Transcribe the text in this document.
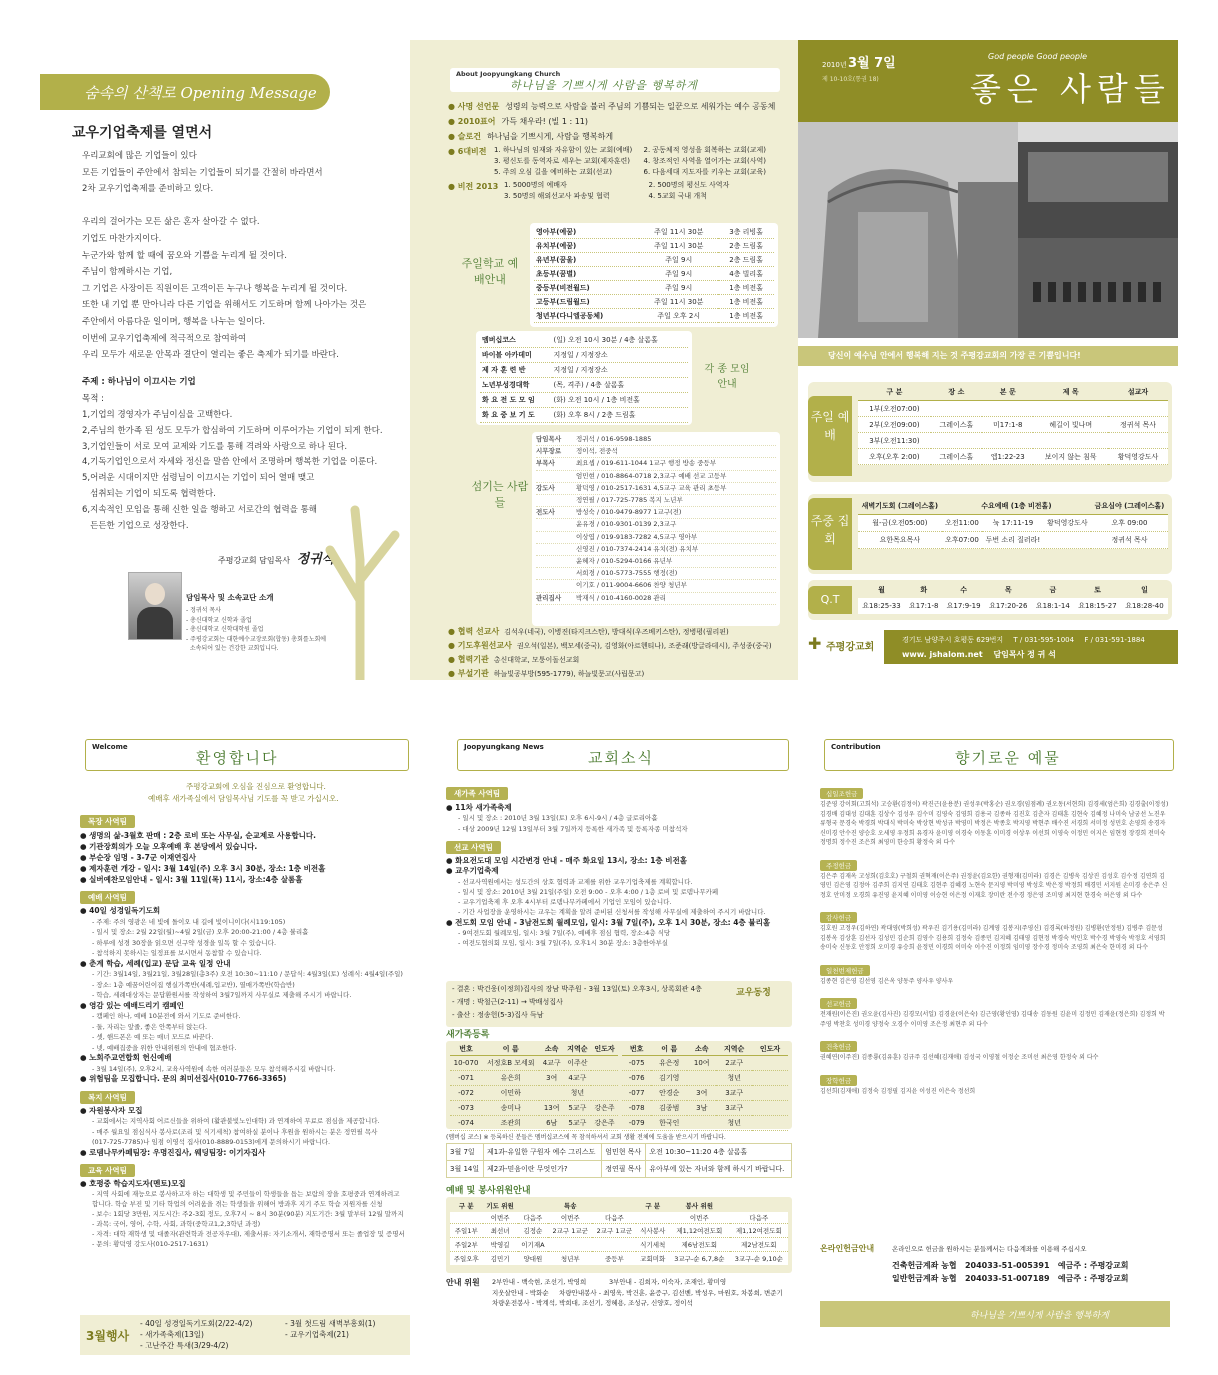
숨속의 산책로 Opening Message
교우기업축제를 열면서
우리교회에 많은 기업들이 있다
모든 기업들이 주안에서 참되는 기업들이 되기를 간절히 바라면서
2차 교우기업축제를 준비하고 있다.

우리의 걸어가는 모든 삶은 혼자 살아갈 수 없다.
기업도 마찬가지이다.
누군가와 함께 할 때에 꿈오와 기쁨을 누리게 될 것이다.
주님이 함께하시는 기업,
그 기업은 사장이든 직원이든 고객이든 누구나 행복을 누리게 될 것이다.
또한 내 기업 뿐 만아니라 다른 기업을 위해서도 기도하며 함께 나아가는 것은
주안에서 아름다운 일이며, 행복을 나누는 일이다.
이번에 교우기업축제에 적극적으로 참여하여
우리 모두가 새로운 안목과 결단이 열리는 좋은 축제가 되기를 바란다.
주제 : 하나님이 이끄시는 기업
목적 :
1,기업의 경영자가 주님이심을 고백한다.
2,주님의 한가족 된 성도 모두가 합심하여 기도하며 이루어가는 기업이 되게 한다.
3,기업인들이 서로 모여 교제와 기도를 통해 격려와 사랑으로 하나 된다.
4,기독기업인으로서 자세와 정신을 말씀 안에서 조명하며 행복한 기업을 이룬다.
5,어려운 시대이지만 섬령님이 이끄시는 기업이 되어 열매 맺고
섬취되는 기업이 되도록 협력한다.
6,지속적인 모임을 통해 신한 일을 행하고 서로간의 협력을 통해
든든한 기업으로 성장한다.
주평강교회 담임목사 정귀석
담임목사 및 소속교단 소개
- 정귀석 목사
- 총신대학교 신학과 졸업
- 총신대학교 신학대학원 졸업
- 주평강교회는 대한예수교장로회(합동) 총회를노회에
소속되어 있는 건강한 교회입니다.
About Joopyungkang Church
하나님을 기쁘시게 사람을 행복하게
● 사명 선언문 성령의 능력으로 사람을 불러 주님의 기쁨되는 일꾼으로 세워가는 예수 공동체
● 2010표어 가득 채우라! (빌 1 : 11)
● 슬로건 하나님을 기쁘시게, 사람을 행복하게
● 6대비전	1. 하나님의 임재와 자유함이 있는 교회(예배)	2. 공동체적 영성을 회복하는 교회(교제)
3. 평신도를 동역자로 세우는 교회(제자훈련)	4. 창조적인 사역을 열어가는 교회(사역)
5. 주의 오심 길을 예비하는 교회(선교)	6. 다음세대 지도자를 키우는 교회(교육)
● 비전 2013 1. 5000명의 예배자	2. 500명의 평신도 사역자
3. 50명의 해외선교사 파송및 협력	4. 5교회 국내 개척
주일학교 예배안내
영아부(예꿈)	주일 11시 30분	3층 리빙홀
유치부(예꿈)	주일 11시 30분	2층 드림홀
유년부(꿈울)	주일 9시	2층 드림홀
초등부(꿈별)	주일 9시	4층 빌리홀
중등부(비전월드)	주일 9시	1층 비전홀
고등부(드림월드)	주일 11시 30분	1층 비전홀
청년부(다니엘공동체)	주일 오후 2시	1층 비전홀
멤버십코스	(일) 오전 10시 30분 / 4층 살롬홀
바이블 아카데미	지정일 / 지정장소
제 자 훈 련 반	지정일 / 지정장소
노년부성경대학	(목, 격주) / 4층 살롬홀
화 요 전 도 모 임	(화) 오전 10시 / 1층 비전홀
화 요 중 보 기 도	(화) 오후 8시 / 2층 드림홀
각 종 모임안내
섬기는 사람들
담임목사	정귀석 / 016-9598-1885
시무장로	정이석, 전중석
부목사	최요셉 / 019-611-1044 1교구 행정 방송 중등부
엄민현 / 010-8864-0718 2,3교구 예배 선교 고등부
강도사	황덕영 / 010-2517-1631 4,5교구 교육 관리 초등부
정연필 / 017-725-7785 복지 노년부
전도사	방성숙 / 010-9479-8977 1교구(전)
윤유경 / 010-9301-0139 2,3교구
이상엽 / 019-9183-7282 4,5교구 영아부
신영진 / 010-7374-2414 유치(전) 유치부
윤혜자 / 010-5294-0166 유년부
서희경 / 010-5773-7555 행정(전)
이기호 / 011-9004-6606 찬양 청년부
관리집사	박재식 / 010-4160-0028 관리
● 협력 선교사 김석우(네국), 이병진(타지크스탄), 방대식(우즈베키스탄), 정병평(필리핀)
● 기도후원선교사 권오석(일본), 백모세(중국), 김영화(아르헨티나), 조준래(방글라데시), 주성종(중국)
● 협력기관 총신대학교, 모퉁이돌선교회
● 부설기관 하늘빛공부방(595-1779), 하늘빛문고(사립문고)
2010년 3월 7일
제 10-10호(통권 18)
God people Good people
좋은 사람들
당신이 예수님 안에서 행복해 지는 것 주평강교회의 가장 큰 기쁨입니다!
주일 예배
구 분	장 소	본 문	제 목	설교자
1부(오전07:00)				
2부(오전09:00)	그레이스홀	미17:1-8	헤길이 빛나며	정귀석 목사
3부(오전11:30)				
오후(오후 2:00)	그레이스홀	엡1:22-23	보이지 않는 침묵	황덕영강도사
주중 집회
새벽기도회 (그레이스홀)	수요예배 (1층 비전홀)			금요심야 (그레이스홀)
월-금(오전05:00)	오전11:00	눅 17:11-19	황덕영강도사	오후 09:00
요한목요목사	오후07:00	두번 소리 질러라!		정귀석 목사
Q.T
월	화	수	목	금	토	일
요18:25-33	요17:1-8	요17:9-19	요17:20-26	요18:1-14	요18:15-27	요18:28-40
✚ 주평강교회
경기도 남양주시 호평동 629번지 T / 031-595-1004 F / 031-591-1884
www. jshalom.net 담임목사 정 귀 석
Welcome
환영합니다
주평강교회에 오심을 진심으로 환영합니다.
예배후 새가족실에서 담임목사님 기도를 꼭 받고 가십시오.
목장 사역팀
● 생명의 삶-3월호 판매 : 2층 로비 또는 사무실, 순교제로 사용합니다.
● 기관장회의가 오늘 오후예배 후 본당에서 있습니다.
● 부순장 임명 - 3-7군 이재연집사
● 제자훈련 개강 - 일시: 3월 14일(주) 오후 3시 30분, 장소: 1층 비전홀
● 실버예찬모임안내 - 일시: 3월 11일(목) 11시, 장소:4층 살롬홀
예배 사역팀
● 40일 성경일독기도회
- 주제: 주의 영광은 네 빛에 돌이오 내 길에 빛이니이다(시119:105)
- 일시 및 장소: 2월 22일(월)~4월 2일(금) 오후 20:00-21:00 / 4층 뷸리홀
- 하루에 성경 30장을 읽으면 신구약 성경을 일독 할 수 있습니다.
- 참석하지 못하시는 일정표를 보시면서 동참할 수 있습니다.
● 춘계 학습, 세례(입교) 문답 교육 일정 안내
- 기간: 3월14일, 3월21일, 3월28일(총3주) 오전 10:30~11:10 / 문답식: 4월3일(토) 성례식: 4월4일(주일)
- 장소: 1층 예꿈어린이집 행실가쪽반(세례,입교반), 열매가쪽반(학습반)
- 학습, 세례대상자는 문답환원서를 작성하여 3월7일까지 사무실로 제출해 주시기 바랍니다.
● 영감 있는 예배드리기 캠페인
- 캠페인 하나, 예배 10분전에 와서 기도로 준비한다.
- 둘, 자리는 앞줄, 좋은 안쪽부터 앉는다.
- 셋, 핸드폰은 예 또는 매너 모드로 바꾼다.
- 넷, 예배집중을 위한 안내위원의 안내에 협조한다.
● 노회주교연합회 헌신예배
- 3월 14일(주), 오후2시, 교육사역원에 속한 여러분들은 모두 참석해주시길 바랍니다.
● 위험팀을 모집합니다. 문의 최미선집사(010-7766-3365)
복지 사역팀
● 자원봉사자 모집
- 교회에서는 지역사회 어르신들을 위하여 (활관불빛노인대학) 과 연계하여 무료로 점심을 제공합니다.
- 매주 월요일 점심식사 봉사로(조리 및 식기세척) 참여하실 분이나 후원을 원하시는 분은 정연필 목사
(017-725-7785)나 임점 이영석 집사(010-8889-0153)에게 문의하시기 바랍니다.
● 로뎀나무카페팀장: 우명진집사, 웨딩팀장: 이기자집사
교육 사역팀
● 호평중 학습지도자(멘토)모집
- 지역 사회에 재능으로 봉사하고자 하는 대학생 및 주민들이 학생들을 돕는 보람의 장을 호평중과 연계하려고
합니다. 학습 부진 및 기타 학업의 어려움을 겪는 학생들을 위해어 방과후 지기 주도 학습 지원자를 신청
- 보수: 1회당 3만원, 지도시간: 주2-3회 정도, 오후7시 ~ 8시 30분(90분) 지도기간: 3월 말부터 12월 말까지
- 과목: 국어, 영어, 수학, 사회, 과학(중학교1,2,3학년 과정)
- 자격: 대학 재학생 및 대졸자(관련학과 전공자우대), 제출서류: 자기소개서, 재학증명서 또는 졸업장 및 증명서
- 문의: 황덕영 강도사(010-2517-1631)
3월행사
- 40일 성경일독기도회(2/22-4/2)
- 새가족축제(13일)
- 고난주간 특새(3/29-4/2)
- 3월 첫드림 새벽부흥회(1)
- 교우기업축제(21)
Joopyungkang News
교회소식
새가족 사역팀
● 11차 새가족축제
- 일시 및 장소 : 2010년 3월 13일(토) 오후 6시-9시 / 4층 글로리아홀
- 대상 2009년 12월 13일부터 3월 7일까지 등록한 새가족 및 등록자종 미참석자
선교 사역팀
● 화요전도대 모임 시간변경 안내 - 매주 화요일 13시, 장소: 1층 비전홀
● 교우기업축제
- 선교사역원에서는 성도간의 상호 협력과 교제를 위한 교우기업축제를 계획합니다.
- 일시 및 장소: 2010년 3월 21일(주일) 오전 9:00 - 오후 4:00 / 1층 로비 및 로뎀나무카페
- 교우기업축제 후 오후 4시부터 로뎀나무카페에서 기업인 모임이 있습니다.
- 기간 사업장을 운영하시는 교우는 계획을 알려 준비된 신청서를 작성해 사무실에 제출하여 주시기 바랍니다.
● 전도회 모임 안내 - 3남전도회 월례모임, 일시: 3월 7일(주), 오후 1시 30분, 장소: 4층 뷸리홀
- 9여전도회 월례모임, 일시: 3월 7일(주), 예배후 점심 협력, 장소:4층 식당
- 여전도협의회 모임, 일시: 3월 7일(주), 오후1시 30분 장소: 3층한아부실
- 결혼 : 박건웅(이정희)집사의 장남 박주원 - 3월 13일(토) 오후3시, 상록회관 4층
- 개명 : 박철근(2-11) → 박배성집사
- 출산 : 정송헌(5-3)집사 득남
교우동정
새가족등록
번호	이 름	소속	지역순	인도자
10-070	서정호B 모세외	4교구	이주산	
-071	유은희	3여	4교구	
-072	이민하		청년	
-073	송미나	13여	5교구	강은주
-074	조관희	6남	5교구	강은주
번호	이 름	소속	지역순	인도자
-075	유은정	10여	2교구	
-076	김기영		청년	
-077	안경순	3여	3교구	
-078	김종범	3남	3교구	
-079	한국인		청년	
(멤버십 코스) ※ 등록하신 분들은 멤버십코스에 꼭 참석하셔서 교회 생활 전체에 도움을 받으시기 바랍니다.
3월 7일	제1과-유일한 구원자 예수 그리스도	엄민현 목사	오전 10:30~11:20 4층 살롬홀
3월 14일	제2과-믿음이란 무엇인가?	정연필 목사	유아부에 있는 자녀와 함께 하시기 바랍니다.
예배 및 봉사위원안내
구 분	기도 위원		특송		구 분	봉사 위원	
	이번주	다음주	이번주	다음주		이번주	다음주
주일1부	최선녀	김정순	2교구 1교군	2교구 1교군	식사봉사	제1,12여전도회	제1,12여전도회
주일2부	박영길	이기재A			식기세척	제6남전도회	제2남전도회
주일오후	김민기	양대원	청년부	중등부	교회미화	3교구-순 6,7,8순	3교구-순 9,10순
안내 위원 2부안내 - 백숙현, 조선기, 박영희           3부안내 - 김희자, 이숙자, 조재인, 황미영
지웃살안내 - 박화순     차량안내봉사 - 최영욱, 박건훈, 윤증구, 김선볜, 박성우, 마원호, 차봉희, 변준기
차량운전봉사 - 박계석, 박희대, 조선기, 정혜용, 조성규, 신양호, 정이석
Contribution
향기로운 예물
십일조헌금
김준영 강이회(고희석) 고승환(김정이) 곽진근(윤용분) 권성우(박홍순) 권오경(임점례) 권오동(서현희) 김경세(엄은희) 김경출(이정성) 김경배 김대성 김대훈 김상수 김성우 김수미 김영숙 김영희 김용국 김종하 김진호 김춘자 김태훈 김현숙 김혜정 나미숙 남궁선 노진우 류형국 문경숙 박경희 박대식 박미숙 박상현 박성규 박영미 박정은 박종호 박지영 박현주 배수진 서경희 서미정 성민호 손영희 송경자 신미경 안수진 양승호 오세영 우정희 유경자 윤미영 이경숙 이동훈 이미경 이상우 이선희 이영숙 이정민 이지은 임현정 장경희 전미숙 정명희 정수진 조은희 최영미 한승희 황정숙 외 다수
주정헌금
김은주 김재옥 고성희(김호호) 구철회 권혁재(이은주) 권정윤(김요한) 권형재(김미라) 김경은 김병욱 김상진 김성호 김수정 김연희 김영민 김은영 김정아 김주희 김지연 김태호 김현주 김혜경 노현숙 문지영 박미영 박성호 박은정 박정희 배경민 서지원 손미경 송은주 신정호 안미정 오경희 유진영 윤지혜 이미영 이승현 이은정 이재호 장미란 전수경 정은영 조미영 최지현 한경숙 허은영 외 다수
감사헌금
김호원 고정우(김하연) 곽대영(박희성) 곽우진 김기용(김미라) 김계영 김봉지(주영신) 김경록(하정원) 김병환(안정원) 김병주 김문성 김봉옥 김상훈 김선자 김성민 김순희 김영수 김용희 김정숙 김종민 김지혜 김태영 김현정 박경숙 박민호 박수경 박영숙 박정호 서영희 송미숙 신동호 안정희 오미경 유승희 윤정민 이경희 이미숙 이수진 이정희 임미영 장수경 정미숙 조영희 최은숙 한미경 외 다수
일천번제헌금
김종현 김은영 김선영 김은옥 양동주 양사우 양사우
선교헌금
전재원(이은진) 권오윤(김사진) 김경모(서일) 김경윤(이은숙) 김근영(황인영) 김대송 김동원 김윤미 김정민 김재윤(정은희) 김정희 박주영 박찬호 성미경 양정숙 오경수 이미영 조은정 최현주 외 다수
건축헌금
권혜연(이주진) 김종룡(김유훈) 김규주 김선혜(김재애) 김성국 이영철 이정순 조미선 최은영 한정숙 외 다수
장학헌금
김선희(김재애) 김정숙 김정필 김지윤 이성진 이은숙 정선희
온라인헌금안내	온라인으로 헌금을 원하시는 분들께서는 다음계좌를 이용해 주십시오
건축헌금계좌 농협   204033-51-005391   예금주 : 주평강교회
일반헌금계좌 농협   204033-51-007189   예금주 : 주평강교회
하나님을 기쁘시게 사람을 행복하게
